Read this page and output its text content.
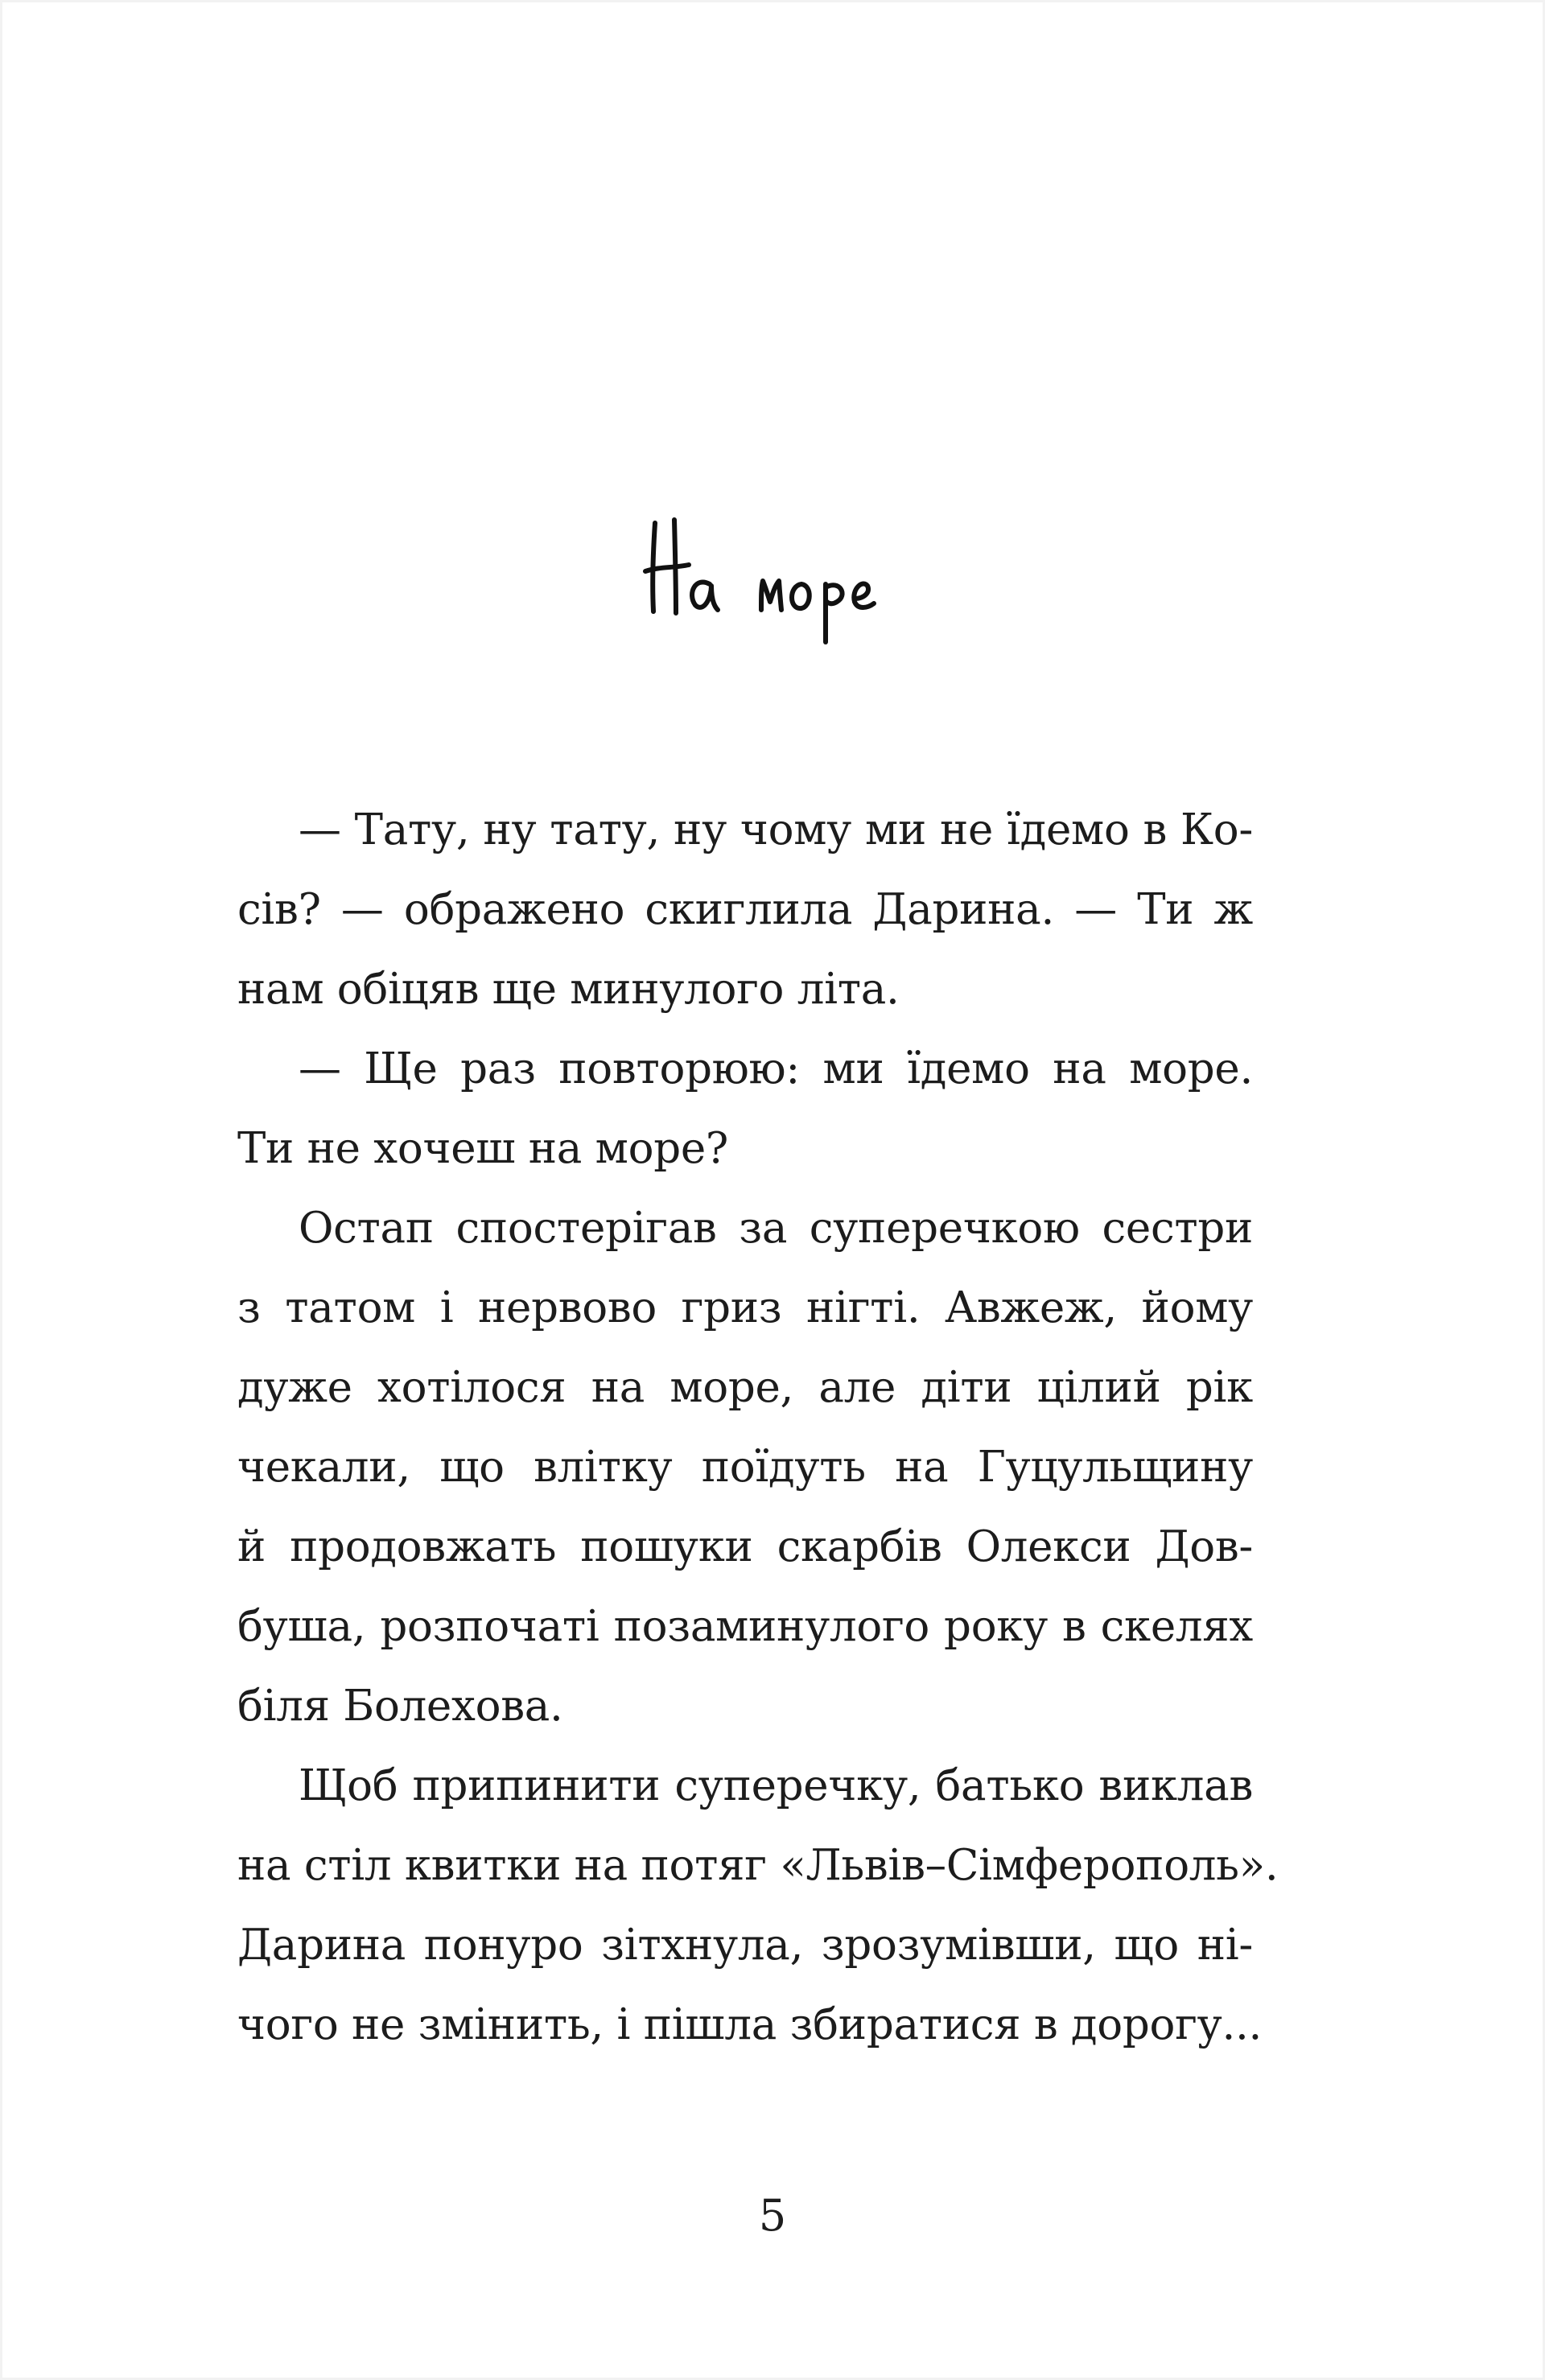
— Тату, ну тату, ну чому ми не їдемо в Ко-
сів? — ображено скиглила Дарина. — Ти ж
нам обіцяв ще минулого літа.
— Ще раз повторюю: ми їдемо на море.
Ти не хочеш на море?
Остап спостерігав за суперечкою сестри
з татом і нервово гриз нігті. Авжеж, йому
дуже хотілося на море, але діти цілий рік
чекали, що влітку поїдуть на Гуцульщину
й продовжать пошуки скарбів Олекси Дов-
буша, розпочаті позаминулого року в скелях
біля Болехова.
Щоб припинити суперечку, батько виклав
на стіл квитки на потяг «Львів–Сімферополь».
Дарина понуро зітхнула, зрозумівши, що ні-
чого не змінить, і пішла збиратися в дорогу...
5
